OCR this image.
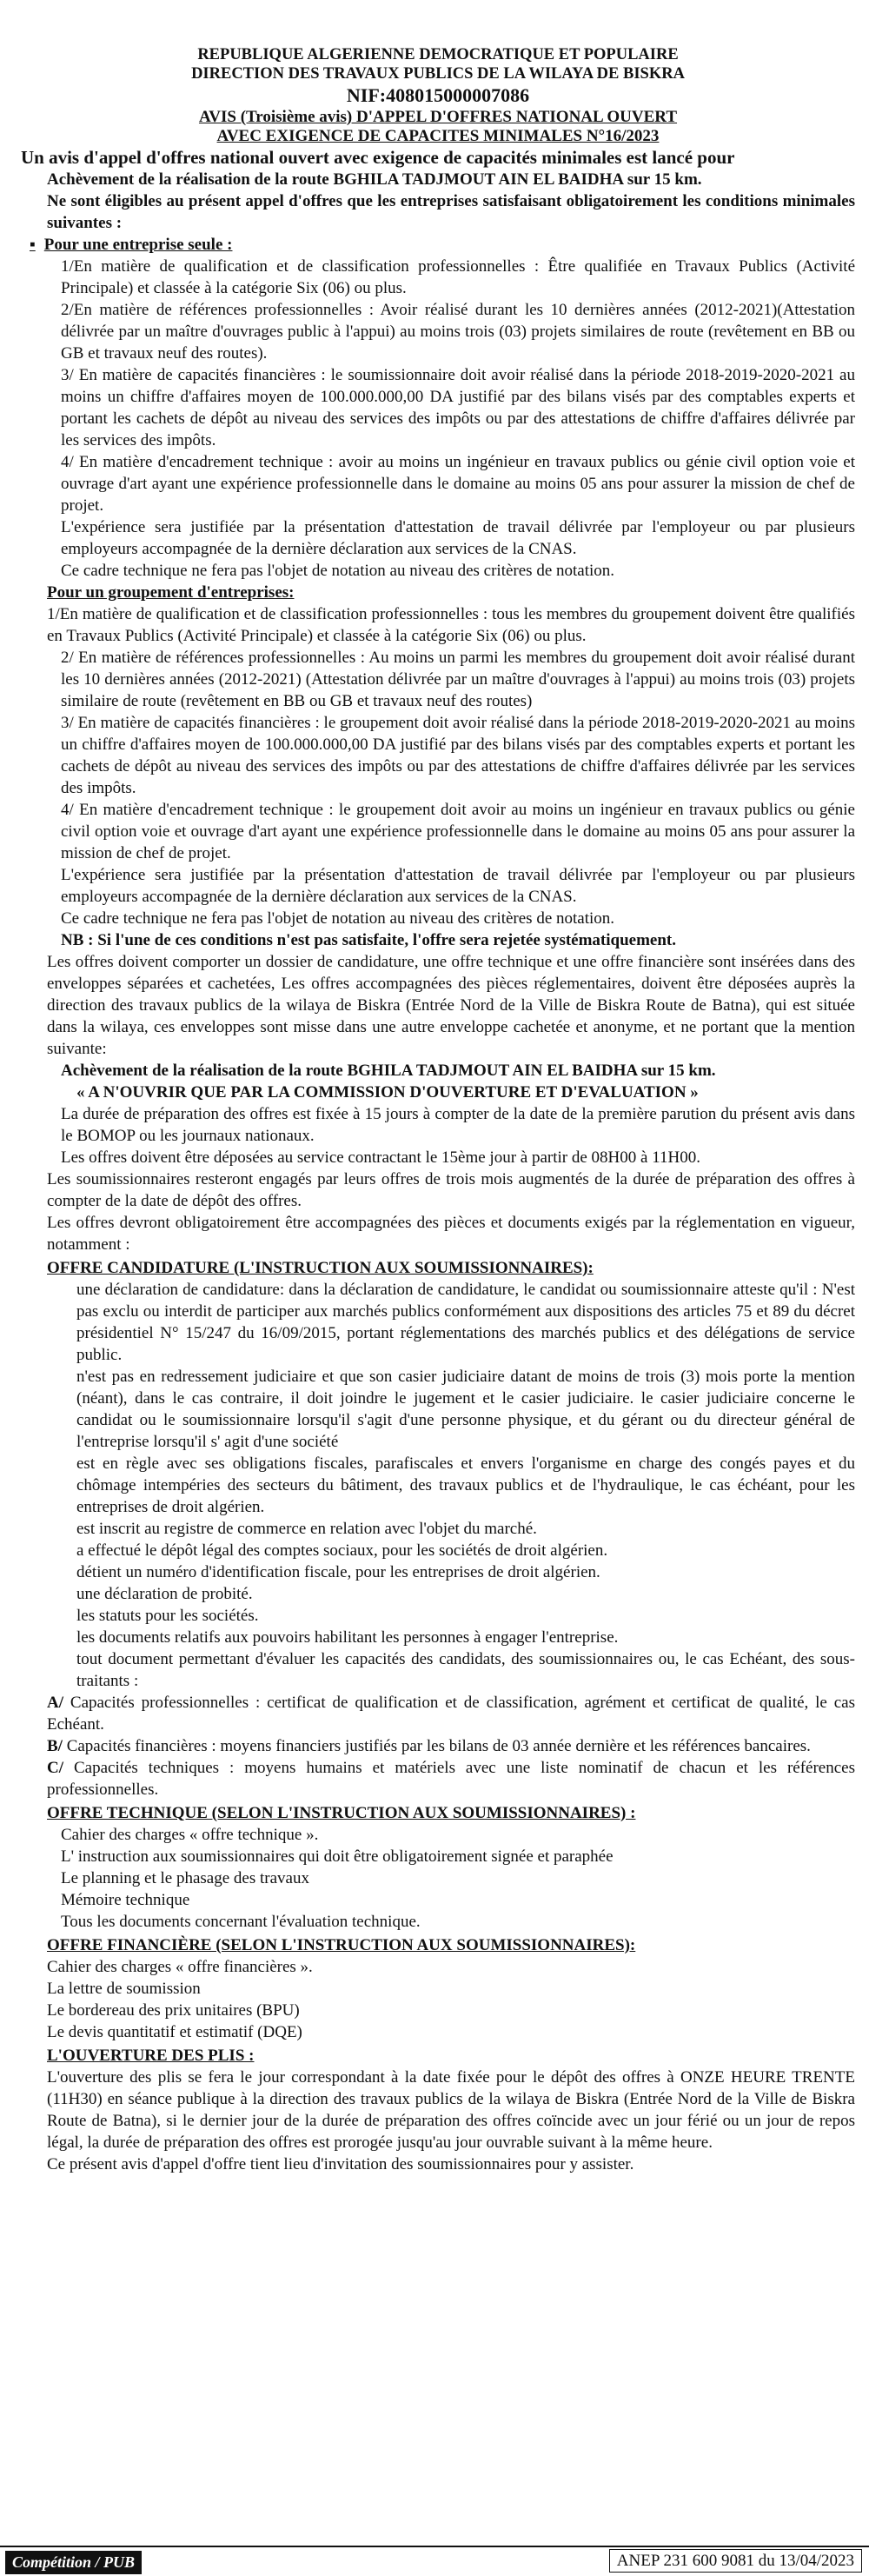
REPUBLIQUE ALGERIENNE DEMOCRATIQUE ET POPULAIRE
DIRECTION DES TRAVAUX PUBLICS DE LA WILAYA DE BISKRA
NIF:408015000007086
AVIS (Troisième avis) D'APPEL D'OFFRES NATIONAL OUVERT
AVEC EXIGENCE DE CAPACITES MINIMALES N°16/2023

Un avis d'appel d'offres national ouvert avec exigence de capacités minimales est lancé pour

Achèvement de la réalisation de la route BGHILA TADJMOUT AIN EL BAIDHA sur 15 km.

Ne sont éligibles au présent appel d'offres que les entreprises satisfaisant obligatoirement les conditions minimales suivantes :

▪ Pour une entreprise seule :

1/En matière de qualification et de classification professionnelles : Être qualifiée en Travaux Publics (Activité Principale) et classée à la catégorie Six (06) ou plus.

2/En matière de références professionnelles : Avoir réalisé durant les 10 dernières années (2012-2021)(Attestation délivrée par un maître d'ouvrages public à l'appui) au moins trois (03) projets similaires de route (revêtement en BB ou GB et travaux neuf des routes).

3/ En matière de capacités financières : le soumissionnaire doit avoir réalisé dans la période 2018-2019-2020-2021 au moins un chiffre d'affaires moyen de 100.000.000,00 DA justifié par des bilans visés par des comptables experts et portant les cachets de dépôt au niveau des services des impôts ou par des attestations de chiffre d'affaires délivrée par les services des impôts.

4/ En matière d'encadrement technique : avoir au moins un ingénieur en travaux publics ou génie civil option voie et ouvrage d'art ayant une expérience professionnelle dans le domaine au moins 05 ans pour assurer la mission de chef de projet.

L'expérience sera justifiée par la présentation d'attestation de travail délivrée par l'employeur ou par plusieurs employeurs accompagnée de la dernière déclaration aux services de la CNAS.

Ce cadre technique ne fera pas l'objet de notation au niveau des critères de notation.

Pour un groupement d'entreprises:

1/En matière de qualification et de classification professionnelles : tous les membres du groupement doivent être qualifiés en Travaux Publics (Activité Principale) et classée à la catégorie Six (06) ou plus.

2/ En matière de références professionnelles : Au moins un parmi les membres du groupement doit avoir réalisé durant les 10 dernières années (2012-2021) (Attestation délivrée par un maître d'ouvrages à l'appui) au moins trois (03) projets similaire de route (revêtement en BB ou GB et travaux neuf des routes)

3/ En matière de capacités financières : le groupement doit avoir réalisé dans la période 2018-2019-2020-2021 au moins un chiffre d'affaires moyen de 100.000.000,00 DA justifié par des bilans visés par des comptables experts et portant les cachets de dépôt au niveau des services des impôts ou par des attestations de chiffre d'affaires délivrée par les services des impôts.

4/ En matière d'encadrement technique : le groupement doit avoir au moins un ingénieur en travaux publics ou génie civil option voie et ouvrage d'art ayant une expérience professionnelle dans le domaine au moins 05 ans pour assurer la mission de chef de projet.

L'expérience sera justifiée par la présentation d'attestation de travail délivrée par l'employeur ou par plusieurs employeurs accompagnée de la dernière déclaration aux services de la CNAS.

Ce cadre technique ne fera pas l'objet de notation au niveau des critères de notation.

NB : Si l'une de ces conditions n'est pas satisfaite, l'offre sera rejetée systématiquement.

Les offres doivent comporter un dossier de candidature, une offre technique et une offre financière sont insérées dans des enveloppes séparées et cachetées, Les offres accompagnées des pièces réglementaires, doivent être déposées auprès la direction des travaux publics de la wilaya de Biskra (Entrée Nord de la Ville de Biskra Route de Batna), qui est située dans la wilaya, ces enveloppes sont misse dans une autre enveloppe cachetée et anonyme, et ne portant que la mention suivante:

Achèvement de la réalisation de la route BGHILA TADJMOUT AIN EL BAIDHA sur 15 km.

« A N'OUVRIR QUE PAR LA COMMISSION D'OUVERTURE ET D'EVALUATION »

La durée de préparation des offres est fixée à 15 jours à compter de la date de la première parution du présent avis dans le BOMOP ou les journaux nationaux.

Les offres doivent être déposées au service contractant le 15ème jour à partir de 08H00 à 11H00.

Les soumissionnaires resteront engagés par leurs offres de trois mois augmentés de la durée de préparation des offres à compter de la date de dépôt des offres.

Les offres devront obligatoirement être accompagnées des pièces et documents exigés par la réglementation en vigueur, notamment :

OFFRE CANDIDATURE (L'INSTRUCTION AUX SOUMISSIONNAIRES):

une déclaration de candidature: dans la déclaration de candidature, le candidat ou soumissionnaire atteste qu'il : N'est pas exclu ou interdit de participer aux marchés publics conformément aux dispositions des articles 75 et 89 du décret présidentiel N° 15/247 du 16/09/2015, portant réglementations des marchés publics et des délégations de service public.

n'est pas en redressement judiciaire et que son casier judiciaire datant de moins de trois (3) mois porte la mention (néant), dans le cas contraire, il doit joindre le jugement et le casier judiciaire. le casier judiciaire concerne le candidat ou le soumissionnaire lorsqu'il s'agit d'une personne physique, et du gérant ou du directeur général de l'entreprise lorsqu'il s' agit d'une société

est en règle avec ses obligations fiscales, parafiscales et envers l'organisme en charge des congés payes et du chômage intempéries des secteurs du bâtiment, des travaux publics et de l'hydraulique, le cas échéant, pour les entreprises de droit algérien.

est inscrit au registre de commerce en relation avec l'objet du marché.

a effectué le dépôt légal des comptes sociaux, pour les sociétés de droit algérien.

détient un numéro d'identification fiscale, pour les entreprises de droit algérien.

une déclaration de probité.

les statuts pour les sociétés.

les documents relatifs aux pouvoirs habilitant les personnes à engager l'entreprise.

tout document permettant d'évaluer les capacités des candidats, des soumissionnaires ou, le cas Echéant, des sous-traitants :

A/ Capacités professionnelles : certificat de qualification et de classification, agrément et certificat de qualité, le cas Echéant.

B/ Capacités financières : moyens financiers justifiés par les bilans de 03 année dernière et les références bancaires.

C/ Capacités techniques : moyens humains et matériels avec une liste nominatif de chacun et les références professionnelles.

OFFRE TECHNIQUE (SELON L'INSTRUCTION AUX SOUMISSIONNAIRES) :

Cahier des charges « offre technique ».

L' instruction aux soumissionnaires qui doit être obligatoirement signée et paraphée

Le planning et le phasage des travaux

Mémoire technique

Tous les documents concernant l'évaluation technique.

OFFRE FINANCIÈRE (SELON L'INSTRUCTION AUX SOUMISSIONNAIRES):

Cahier des charges « offre financières ».

La lettre de soumission

Le bordereau des prix unitaires (BPU)

Le devis quantitatif et estimatif (DQE)

L'OUVERTURE DES PLIS :

L'ouverture des plis se fera le jour correspondant à la date fixée pour le dépôt des offres à ONZE HEURE TRENTE (11H30) en séance publique à la direction des travaux publics de la wilaya de Biskra (Entrée Nord de la Ville de Biskra Route de Batna), si le dernier jour de la durée de préparation des offres coïncide avec un jour férié ou un jour de repos légal, la durée de préparation des offres est prorogée jusqu'au jour ouvrable suivant à la même heure.

Ce présent avis d'appel d'offre tient lieu d'invitation des soumissionnaires pour y assister.

Compétition / PUB	ANEP 231 600 9081 du 13/04/2023
